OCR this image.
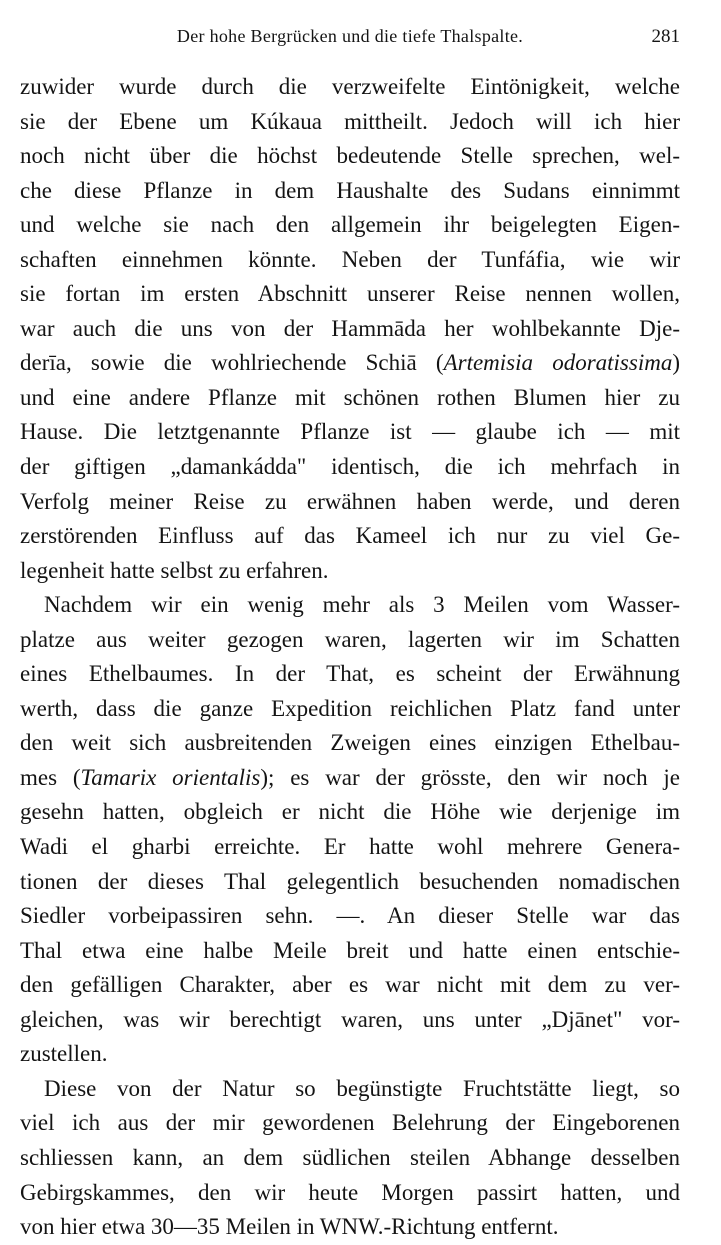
Der hohe Bergrücken und die tiefe Thalspalte.	281
zuwider wurde durch die verzweifelte Eintönigkeit, welche
sie der Ebene um Kúkaua mittheilt. Jedoch will ich hier
noch nicht über die höchst bedeutende Stelle sprechen, wel-
che diese Pflanze in dem Haushalte des Sudans einnimmt
und welche sie nach den allgemein ihr beigelegten Eigen-
schaften einnehmen könnte. Neben der Tunfáfia, wie wir
sie fortan im ersten Abschnitt unserer Reise nennen wollen,
war auch die uns von der Hammāda her wohlbekannte Dje-
derīa, sowie die wohlriechende Schiā (Artemisia odoratissima)
und eine andere Pflanze mit schönen rothen Blumen hier zu
Hause. Die letztgenannte Pflanze ist — glaube ich — mit
der giftigen „damankádda" identisch, die ich mehrfach in
Verfolg meiner Reise zu erwähnen haben werde, und deren
zerstörenden Einfluss auf das Kameel ich nur zu viel Ge-
legenheit hatte selbst zu erfahren.
Nachdem wir ein wenig mehr als 3 Meilen vom Wasser-
platze aus weiter gezogen waren, lagerten wir im Schatten
eines Ethelbaumes. In der That, es scheint der Erwähnung
werth, dass die ganze Expedition reichlichen Platz fand unter
den weit sich ausbreitenden Zweigen eines einzigen Ethelbau-
mes (Tamarix orientalis); es war der grösste, den wir noch je
gesehn hatten, obgleich er nicht die Höhe wie derjenige im
Wadi el gharbi erreichte. Er hatte wohl mehrere Genera-
tionen der dieses Thal gelegentlich besuchenden nomadischen
Siedler vorbeipassiren sehn. —. An dieser Stelle war das
Thal etwa eine halbe Meile breit und hatte einen entschie-
den gefälligen Charakter, aber es war nicht mit dem zu ver-
gleichen, was wir berechtigt waren, uns unter „Djānet" vor-
zustellen.
Diese von der Natur so begünstigte Fruchtstätte liegt, so
viel ich aus der mir gewordenen Belehrung der Eingeborenen
schliessen kann, an dem südlichen steilen Abhange desselben
Gebirgskammes, den wir heute Morgen passirt hatten, und
von hier etwa 30—35 Meilen in WNW.-Richtung entfernt.
